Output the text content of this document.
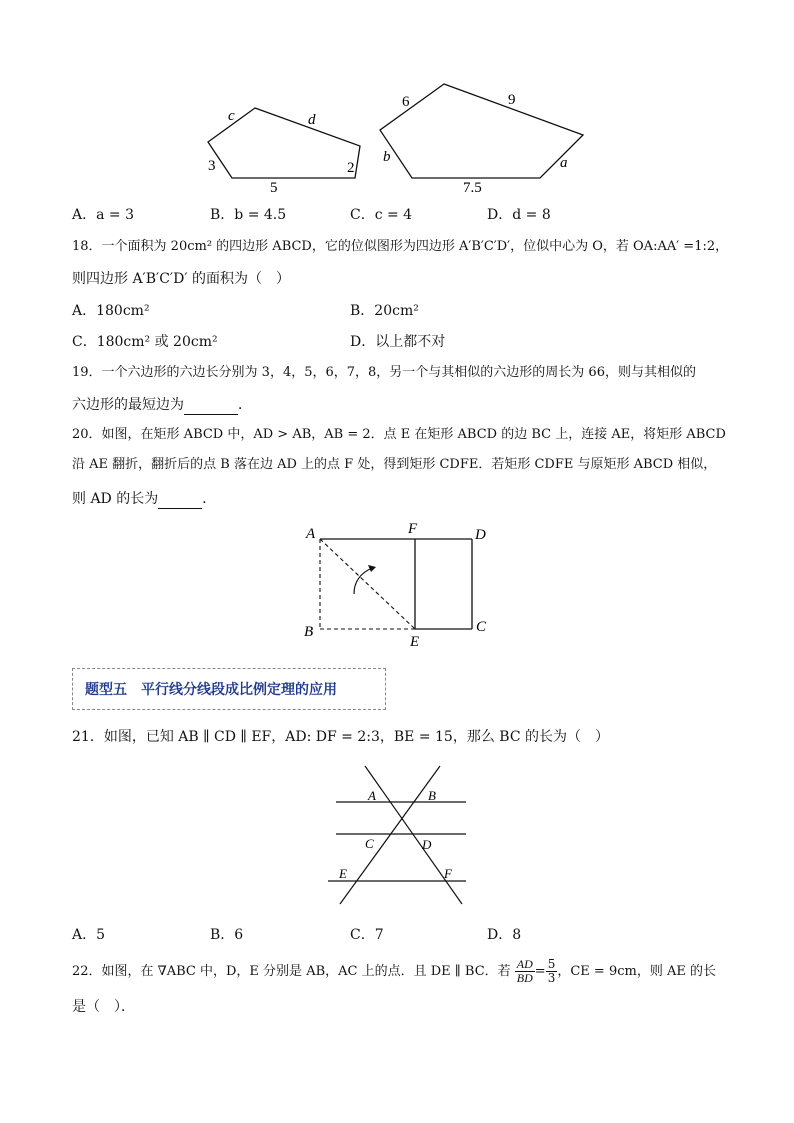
c	d
3
5
2
6	9
b	a
7.5
A．a = 3	B．b = 4.5	C．c = 4	D．d = 8
18．一个面积为 20cm² 的四边形 ABCD，它的位似图形为四边形 A′B′C′D′，位似中心为 O，若 OA:AA′ =1:2，
则四边形 A′B′C′D′ 的面积为（　）
A．180cm²	B．20cm²
C．180cm² 或 20cm²	D．以上都不对
19．一个六边形的六边长分别为 3，4，5，6，7，8，另一个与其相似的六边形的周长为 66，则与其相似的
六边形的最短边为	．
20．如图，在矩形 ABCD 中，AD > AB，AB = 2．点 E 在矩形 ABCD 的边 BC 上，连接 AE，将矩形 ABCD
沿 AE 翻折，翻折后的点 B 落在边 AD 上的点 F 处，得到矩形 CDFE．若矩形 CDFE 与原矩形 ABCD 相似，
则 AD 的长为	．
A	F	D
B
E
C
题型五　平行线分线段成比例定理的应用
21．如图，已知 AB ∥ CD ∥ EF，AD: DF = 2:3，BE = 15，那么 BC 的长为（　）
A	B
C	D
E	F
A．5	B．6	C．7	D．8
22．如图，在 ∇ABC 中，D，E 分别是 AB，AC 上的点．且 DE ∥ BC．若 $\frac{AD}{BD} = \frac{5}{3}$ ，CE = 9cm，则 AE 的长
是（　）．
